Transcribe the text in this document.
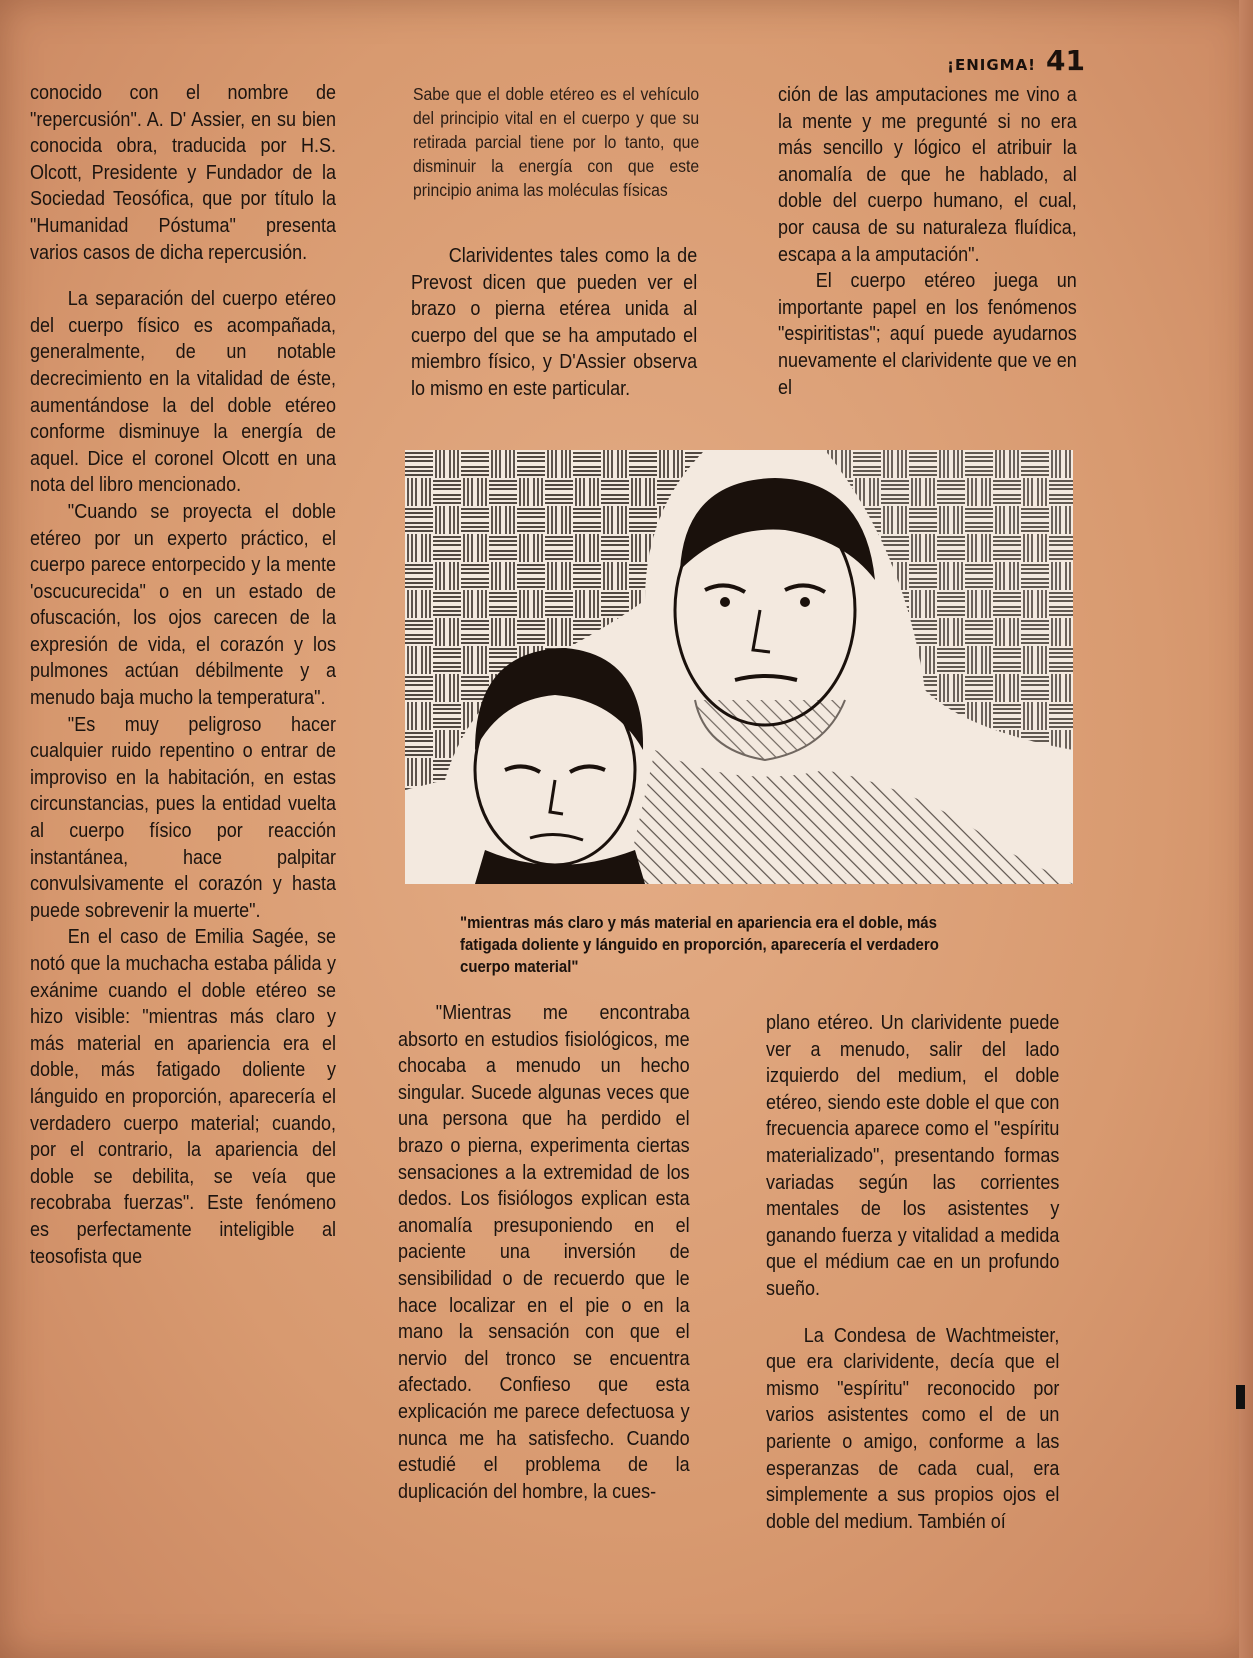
¡ENIGMA! 41

conocido con el nombre de "repercusión". A. D' Assier, en su bien conocida obra, traducida por H.S. Olcott, Presidente y Fundador de la Sociedad Teosófica, que por título la "Humanidad Póstuma" presenta varios casos de dicha repercusión.

La separación del cuerpo etéreo del cuerpo físico es acompañada, generalmente, de un notable decrecimiento en la vitalidad de éste, aumentándose la del doble etéreo conforme disminuye la energía de aquel. Dice el coronel Olcott en una nota del libro mencionado.

"Cuando se proyecta el doble etéreo por un experto práctico, el cuerpo parece entorpecido y la mente 'oscucurecida" o en un estado de ofuscación, los ojos carecen de la expresión de vida, el corazón y los pulmones actúan débilmente y a menudo baja mucho la temperatura".

"Es muy peligroso hacer cualquier ruido repentino o entrar de improviso en la habitación, en estas circunstancias, pues la entidad vuelta al cuerpo físico por reacción instantánea, hace palpitar convulsivamente el corazón y hasta puede sobrevenir la muerte".

En el caso de Emilia Sagée, se notó que la muchacha estaba pálida y exánime cuando el doble etéreo se hizo visible: "mientras más claro y más material en apariencia era el doble, más fatigado doliente y lánguido en proporción, aparecería el verdadero cuerpo material; cuando, por el contrario, la apariencia del doble se debilita, se veía que recobraba fuerzas". Este fenómeno es perfectamente inteligible al teosofista que

Sabe que el doble etéreo es el vehículo del principio vital en el cuerpo y que su retirada parcial tiene por lo tanto, que disminuir la energía con que este principio anima las moléculas físicas

Clarividentes tales como la de Prevost dicen que pueden ver el brazo o pierna etérea unida al cuerpo del que se ha amputado el miembro físico, y D'Assier observa lo mismo en este particular.

ción de las amputaciones me vino a la mente y me pregunté si no era más sencillo y lógico el atribuir la anomalía de que he hablado, al doble del cuerpo humano, el cual, por causa de su naturaleza fluídica, escapa a la amputación".

El cuerpo etéreo juega un importante papel en los fenómenos "espiritistas"; aquí puede ayudarnos nuevamente el clarividente que ve en el

"mientras más claro y más material en apariencia era el doble, más fatigada doliente y lánguido en proporción, aparecería el verdadero cuerpo material"

"Mientras me encontraba absorto en estudios fisiológicos, me chocaba a menudo un hecho singular. Sucede algunas veces que una persona que ha perdido el brazo o pierna, experimenta ciertas sensaciones a la extremidad de los dedos. Los fisiólogos explican esta anomalía presuponiendo en el paciente una inversión de sensibilidad o de recuerdo que le hace localizar en el pie o en la mano la sensación con que el nervio del tronco se encuentra afectado. Confieso que esta explicación me parece defectuosa y nunca me ha satisfecho. Cuando estudié el problema de la duplicación del hombre, la cues-

plano etéreo. Un clarividente puede ver a menudo, salir del lado izquierdo del medium, el doble etéreo, siendo este doble el que con frecuencia aparece como el "espíritu materializado", presentando formas variadas según las corrientes mentales de los asistentes y ganando fuerza y vitalidad a medida que el médium cae en un profundo sueño.

La Condesa de Wachtmeister, que era clarividente, decía que el mismo "espíritu" reconocido por varios asistentes como el de un pariente o amigo, conforme a las esperanzas de cada cual, era simplemente a sus propios ojos el doble del medium. También oí
